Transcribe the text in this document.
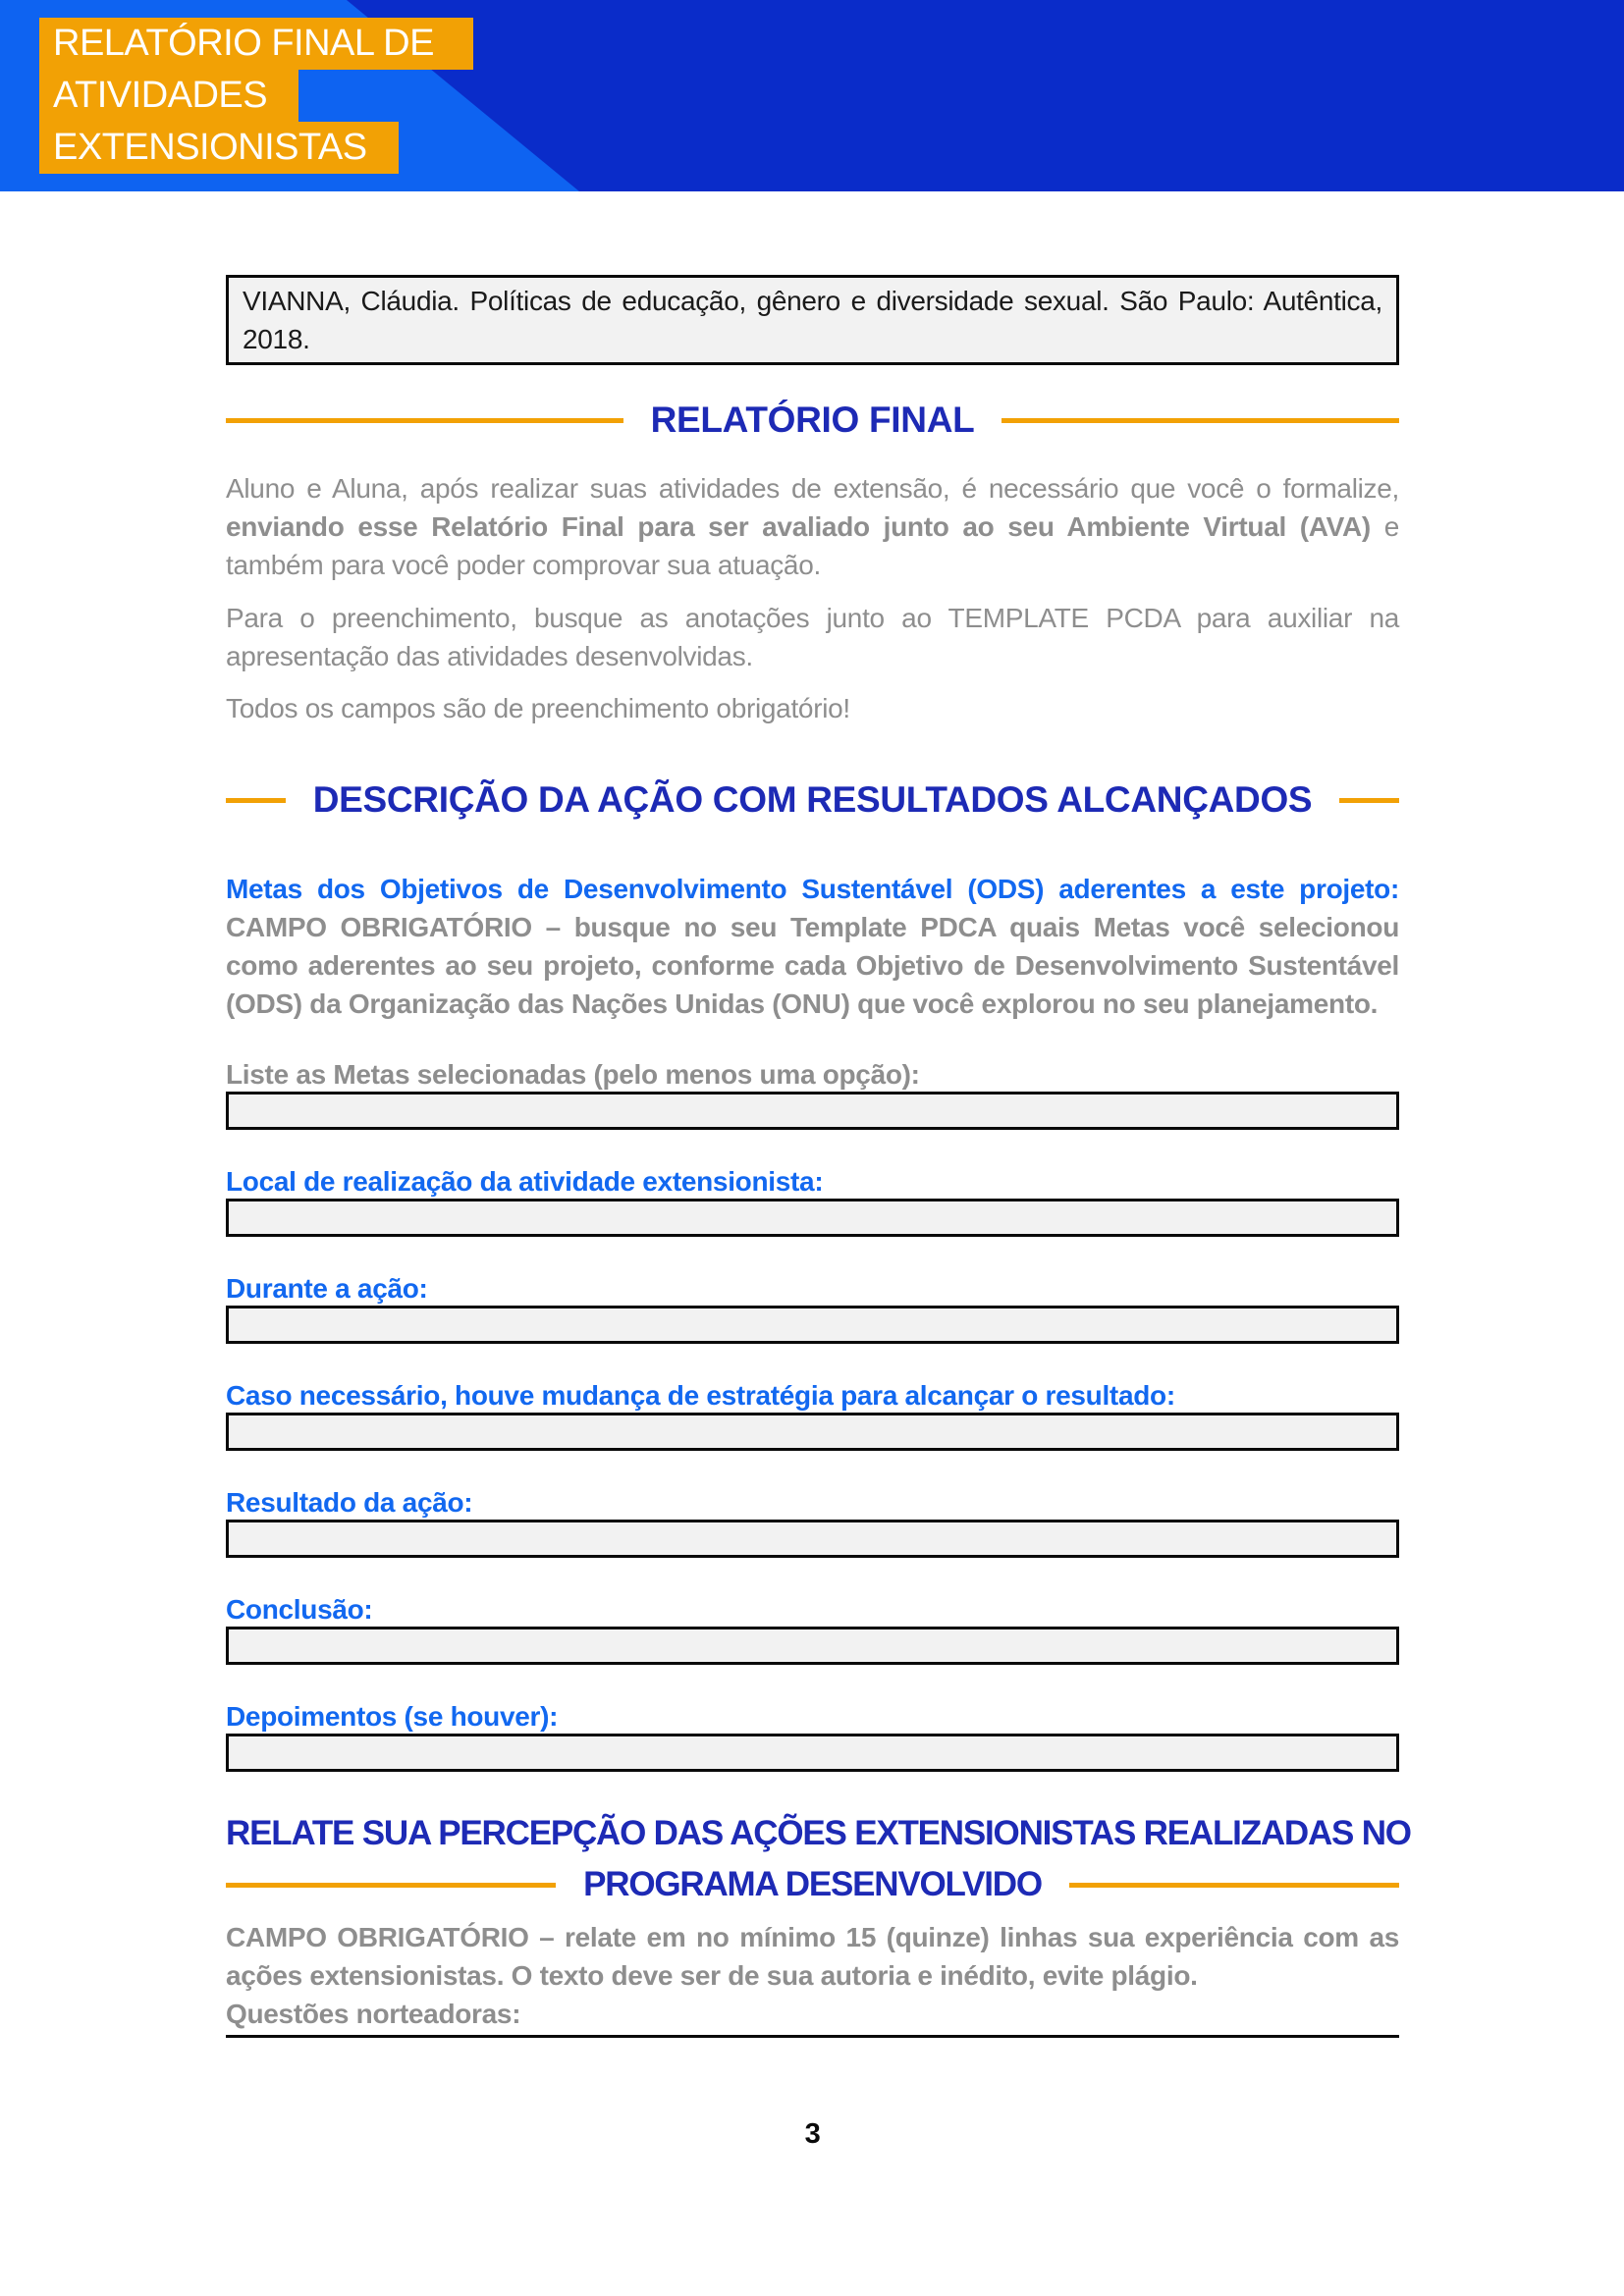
RELATÓRIO FINAL DE
ATIVIDADES
EXTENSIONISTAS
VIANNA, Cláudia. Políticas de educação, gênero e diversidade sexual. São Paulo: Autêntica, 2018.
RELATÓRIO FINAL
Aluno e Aluna, após realizar suas atividades de extensão, é necessário que você o formalize, enviando esse Relatório Final para ser avaliado junto ao seu Ambiente Virtual (AVA) e também para você poder comprovar sua atuação.
Para o preenchimento, busque as anotações junto ao TEMPLATE PCDA para auxiliar na apresentação das atividades desenvolvidas.
Todos os campos são de preenchimento obrigatório!
DESCRIÇÃO DA AÇÃO COM RESULTADOS ALCANÇADOS
Metas dos Objetivos de Desenvolvimento Sustentável (ODS) aderentes a este projeto:
CAMPO OBRIGATÓRIO – busque no seu Template PDCA quais Metas você selecionou como aderentes ao seu projeto, conforme cada Objetivo de Desenvolvimento Sustentável (ODS) da Organização das Nações Unidas (ONU) que você explorou no seu planejamento.
Liste as Metas selecionadas (pelo menos uma opção):
Local de realização da atividade extensionista:
Durante a ação:
Caso necessário, houve mudança de estratégia para alcançar o resultado:
Resultado da ação:
Conclusão:
Depoimentos (se houver):
RELATE SUA PERCEPÇÃO DAS AÇÕES EXTENSIONISTAS REALIZADAS NO
PROGRAMA DESENVOLVIDO
CAMPO OBRIGATÓRIO – relate em no mínimo 15 (quinze) linhas sua experiência com as ações extensionistas. O texto deve ser de sua autoria e inédito, evite plágio.
Questões norteadoras:
3
